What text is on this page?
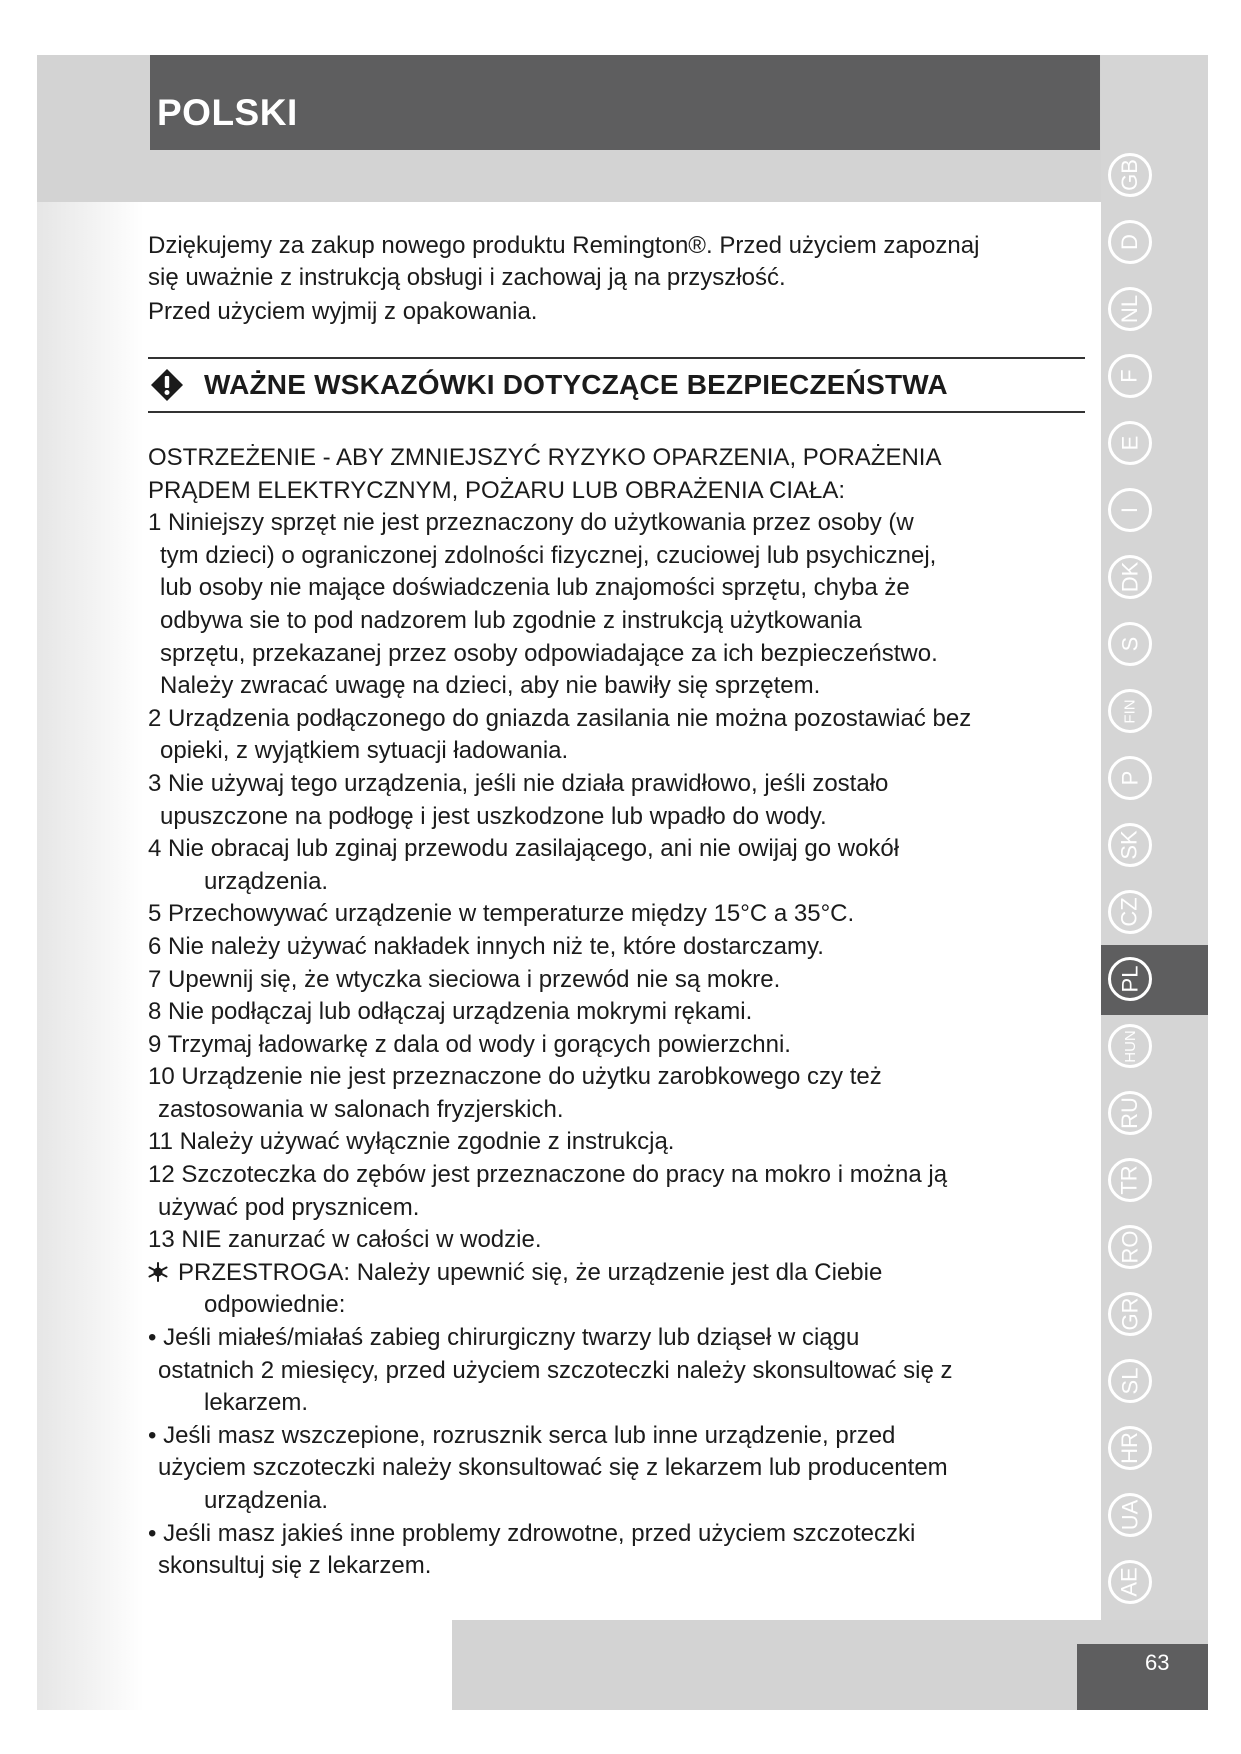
POLSKI

Dziękujemy za zakup nowego produktu Remington®. Przed użyciem zapoznaj

się uważnie z instrukcją obsługi i zachowaj ją na przyszłość.

Przed użyciem wyjmij z opakowania.

WAŻNE WSKAZÓWKI DOTYCZĄCE BEZPIECZEŃSTWA
OSTRZEŻENIE - ABY ZMNIEJSZYĆ RYZYKO OPARZENIA, PORAŻENIA
PRĄDEM ELEKTRYCZNYM, POŻARU LUB OBRAŻENIA CIAŁA:
1 Niniejszy sprzęt nie jest przeznaczony do użytkowania przez osoby (w
tym dzieci) o ograniczonej zdolności fizycznej, czuciowej lub psychicznej,
lub osoby nie mające doświadczenia lub znajomości sprzętu, chyba że
odbywa sie to pod nadzorem lub zgodnie z instrukcją użytkowania
sprzętu, przekazanej przez osoby odpowiadające za ich bezpieczeństwo.
Należy zwracać uwagę na dzieci, aby nie bawiły się sprzętem.
2 Urządzenia podłączonego do gniazda zasilania nie można pozostawiać bez
opieki, z wyjątkiem sytuacji ładowania.
3 Nie używaj tego urządzenia, jeśli nie działa prawidłowo, jeśli zostało
upuszczone na podłogę i jest uszkodzone lub wpadło do wody.
4 Nie obracaj lub zginaj przewodu zasilającego, ani nie owijaj go wokół
urządzenia.
5 Przechowywać urządzenie w temperaturze między 15°C a 35°C.
6 Nie należy używać nakładek innych niż te, które dostarczamy.
7 Upewnij się, że wtyczka sieciowa i przewód nie są mokre.
8 Nie podłączaj lub odłączaj urządzenia mokrymi rękami.
9 Trzymaj ładowarkę z dala od wody i gorących powierzchni.
10 Urządzenie nie jest przeznaczone do użytku zarobkowego czy też
zastosowania w salonach fryzjerskich.
11 Należy używać wyłącznie zgodnie z instrukcją.
12 Szczoteczka do zębów jest przeznaczone do pracy na mokro i można ją
używać pod prysznicem.
13 NIE zanurzać w całości w wodzie.
PRZESTROGA: Należy upewnić się, że urządzenie jest dla Ciebie
odpowiednie:
• Jeśli miałeś/miałaś zabieg chirurgiczny twarzy lub dziąseł w ciągu
ostatnich 2 miesięcy, przed użyciem szczoteczki należy skonsultować się z
lekarzem.
• Jeśli masz wszczepione, rozrusznik serca lub inne urządzenie, przed
użyciem szczoteczki należy skonsultować się z lekarzem lub producentem
urządzenia.
• Jeśli masz jakieś inne problemy zdrowotne, przed użyciem szczoteczki
skonsultuj się z lekarzem.
GB
D
NL
F
E
I
DK
S
FIN
P
SK
CZ
PL
HUN
RU
TR
RO
GR
SL
HR
UA
AE
63
